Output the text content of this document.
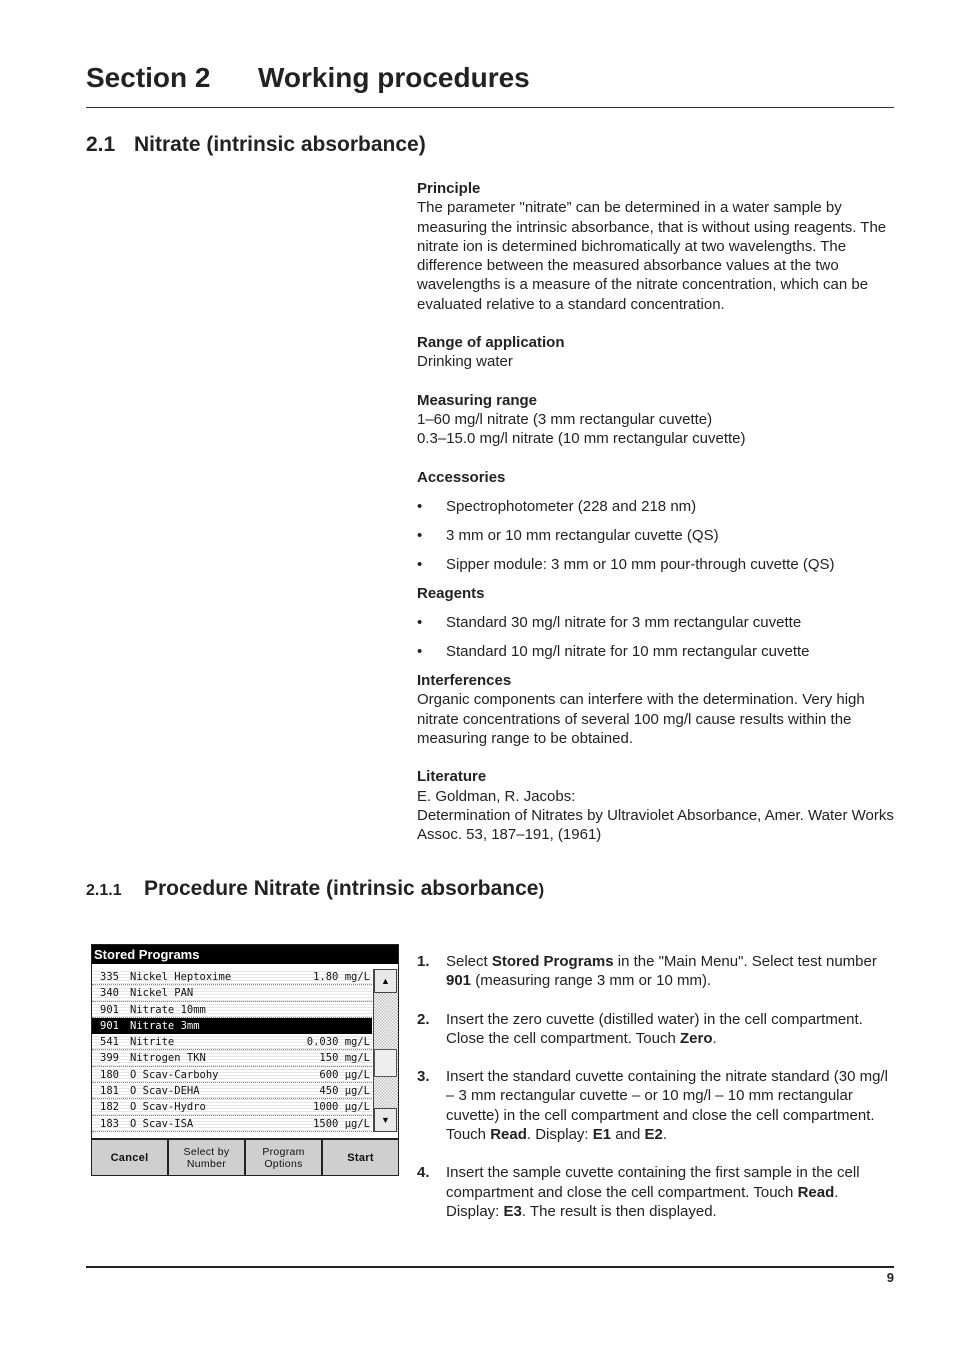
Section 2 Working procedures
2.1 Nitrate (intrinsic absorbance)
Principle

The parameter "nitrate” can be determined in a water sample by measuring the intrinsic absorbance, that is without using reagents. The nitrate ion is determined bichromatically at two wavelengths. The difference between the measured absorbance values at the two wavelengths is a measure of the nitrate concentration, which can be evaluated relative to a standard concentration.

Range of application

Drinking water

Measuring range

1–60 mg/l nitrate (3 mm rectangular cuvette)

0.3–15.0 mg/l nitrate (10 mm rectangular cuvette)

Accessories
• Spectrophotometer (228 and 218 nm)
• 3 mm or 10 mm rectangular cuvette (QS)
• Sipper module: 3 mm or 10 mm pour-through cuvette (QS)
Reagents
• Standard 30 mg/l nitrate for 3 mm rectangular cuvette
• Standard 10 mg/l nitrate for 10 mm rectangular cuvette
Interferences

Organic components can interfere with the determination. Very high nitrate concentrations of several 100 mg/l cause results within the measuring range to be obtained.

Literature

E. Goldman, R. Jacobs:

Determination of Nitrates by Ultraviolet Absorbance, Amer. Water Works Assoc. 53, 187–191, (1961)

2.1.1 Procedure Nitrate (intrinsic absorbance)
Stored Programs
335 Nickel Heptoxime	1.80 mg/L
340 Nickel PAN
901 Nitrate 10mm
901 Nitrate 3mm
541 Nitrite	0.030 mg/L
399 Nitrogen TKN	150 mg/L
180 O Scav-Carbohy	600 µg/L
181 O Scav-DEHA	450 µg/L
182 O Scav-Hydro	1000 µg/L
183 O Scav-ISA	1500 µg/L
▲
▼
Cancel	Select by
Number
Program
Options	Start
1. Select Stored Programs in the "Main Menu". Select test number 901 (measuring range 3 mm or 10 mm).
2. Insert the zero cuvette (distilled water) in the cell compartment. Close the cell compartment. Touch Zero.
3. Insert the standard cuvette containing the nitrate standard (30 mg/l – 3 mm rectangular cuvette – or 10 mg/l – 10 mm rectangular cuvette) in the cell compartment and close the cell compartment. Touch Read. Display: E1 and E2.
4. Insert the sample cuvette containing the first sample in the cell compartment and close the cell compartment. Touch Read. Display: E3. The result is then displayed.
9
